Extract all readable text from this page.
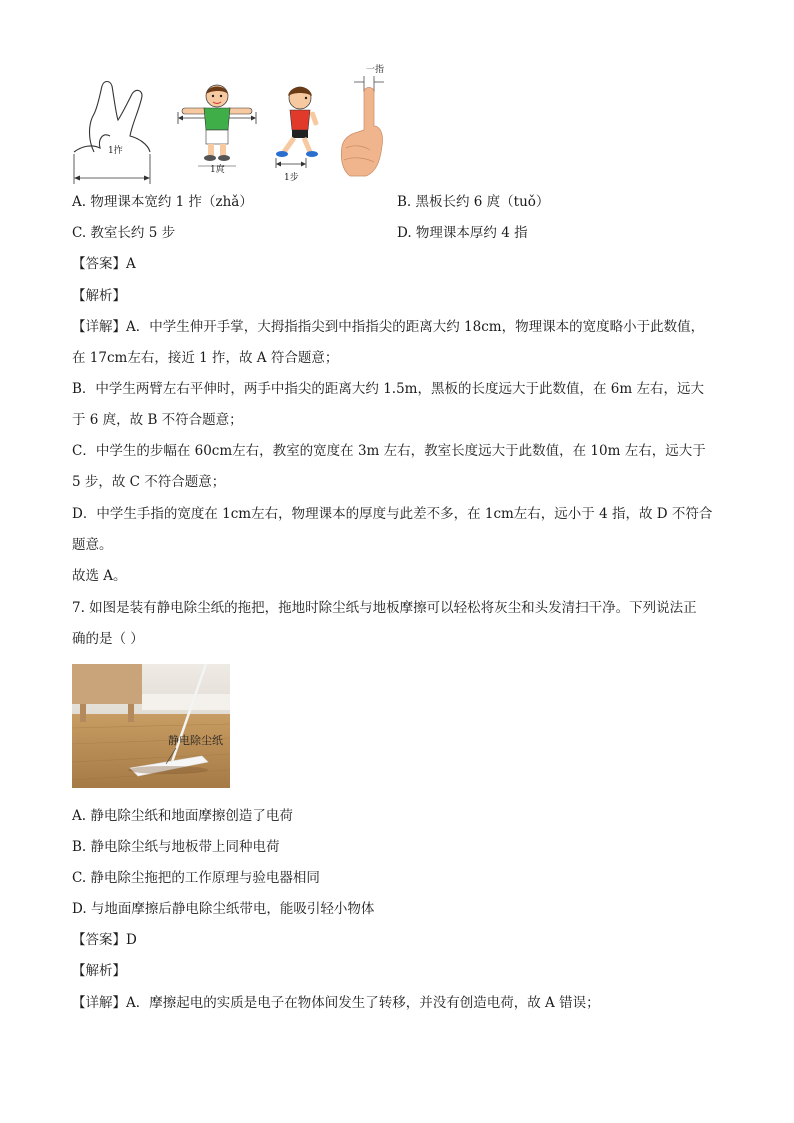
1拃
1庹
1步
一指
A. 物理课本宽约 1 拃（zhǎ）	B. 黑板长约 6 庹（tuǒ）
C. 教室长约 5 步	D. 物理课本厚约 4 指
【答案】A
【解析】
【详解】A．中学生伸开手掌，大拇指指尖到中指指尖的距离大约 18cm，物理课本的宽度略小于此数值，
在 17cm左右，接近 1 拃，故 A 符合题意；
B．中学生两臂左右平伸时，两手中指尖的距离大约 1.5m，黑板的长度远大于此数值，在 6m 左右，远大
于 6 庹，故 B 不符合题意；
C．中学生的步幅在 60cm左右，教室的宽度在 3m 左右，教室长度远大于此数值，在 10m 左右，远大于
5 步，故 C 不符合题意；
D．中学生手指的宽度在 1cm左右，物理课本的厚度与此差不多，在 1cm左右，远小于 4 指，故 D 不符合
题意。
故选 A。
7. 如图是装有静电除尘纸的拖把，拖地时除尘纸与地板摩擦可以轻松将灰尘和头发清扫干净。下列说法正
确的是（ ）
静电除尘纸
A. 静电除尘纸和地面摩擦创造了电荷
B. 静电除尘纸与地板带上同种电荷
C. 静电除尘拖把的工作原理与验电器相同
D. 与地面摩擦后静电除尘纸带电，能吸引轻小物体
【答案】D
【解析】
【详解】A．摩擦起电的实质是电子在物体间发生了转移，并没有创造电荷，故 A 错误；
